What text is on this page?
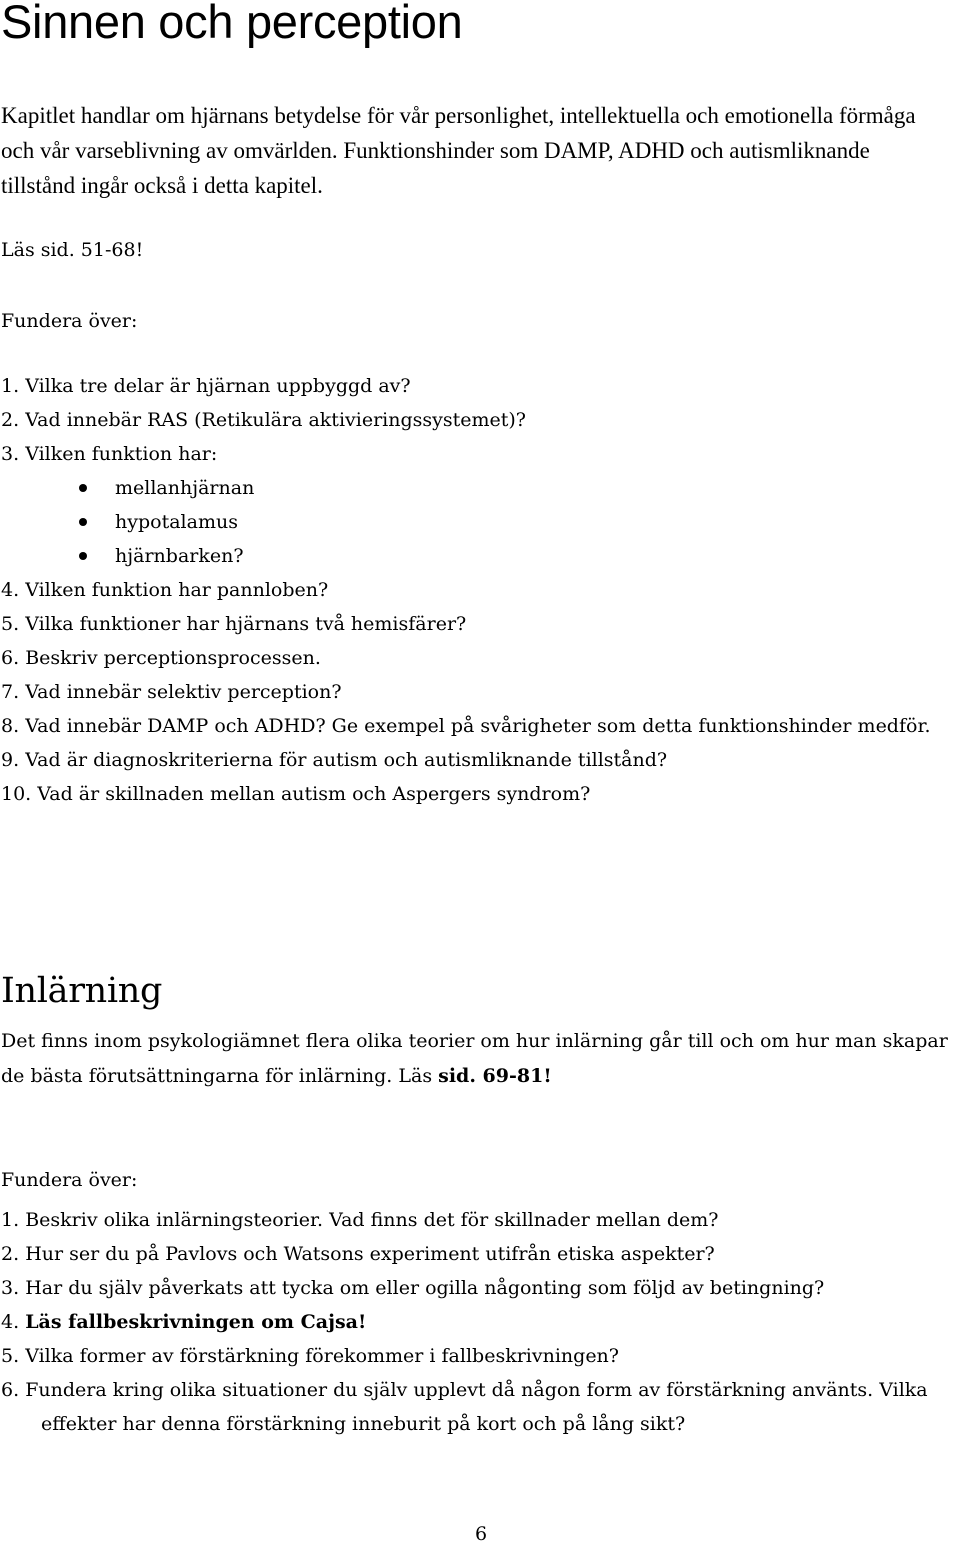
Sinnen och perception

Kapitlet handlar om hjärnans betydelse för vår personlighet, intellektuella och emotionella förmåga och vår varseblivning av omvärlden. Funktionshinder som DAMP, ADHD och autismliknande tillstånd ingår också i detta kapitel.

Läs sid. 51-68!

Fundera över:

1. Vilka tre delar är hjärnan uppbyggd av?
2. Vad innebär RAS (Retikulära aktivieringssystemet)?
3. Vilken funktion har:
mellanhjärnan
hypotalamus
hjärnbarken?
4. Vilken funktion har pannloben?
5. Vilka funktioner har hjärnans två hemisfärer?
6. Beskriv perceptionsprocessen.
7. Vad innebär selektiv perception?
8. Vad innebär DAMP och ADHD? Ge exempel på svårigheter som detta funktionshinder medför.
9. Vad är diagnoskriterierna för autism och autismliknande tillstånd?
10. Vad är skillnaden mellan autism och Aspergers syndrom?
Inlärning

Det finns inom psykologiämnet flera olika teorier om hur inlärning går till och om hur man skapar de bästa förutsättningarna för inlärning. Läs sid. 69-81!

Fundera över:

1. Beskriv olika inlärningsteorier. Vad finns det för skillnader mellan dem?
2. Hur ser du på Pavlovs och Watsons experiment utifrån etiska aspekter?
3. Har du själv påverkats att tycka om eller ogilla någonting som följd av betingning?
4. Läs fallbeskrivningen om Cajsa!
5. Vilka former av förstärkning förekommer i fallbeskrivningen?
6. Fundera kring olika situationer du själv upplevt då någon form av förstärkning använts. Vilka effekter har denna förstärkning inneburit på kort och på lång sikt?

6
